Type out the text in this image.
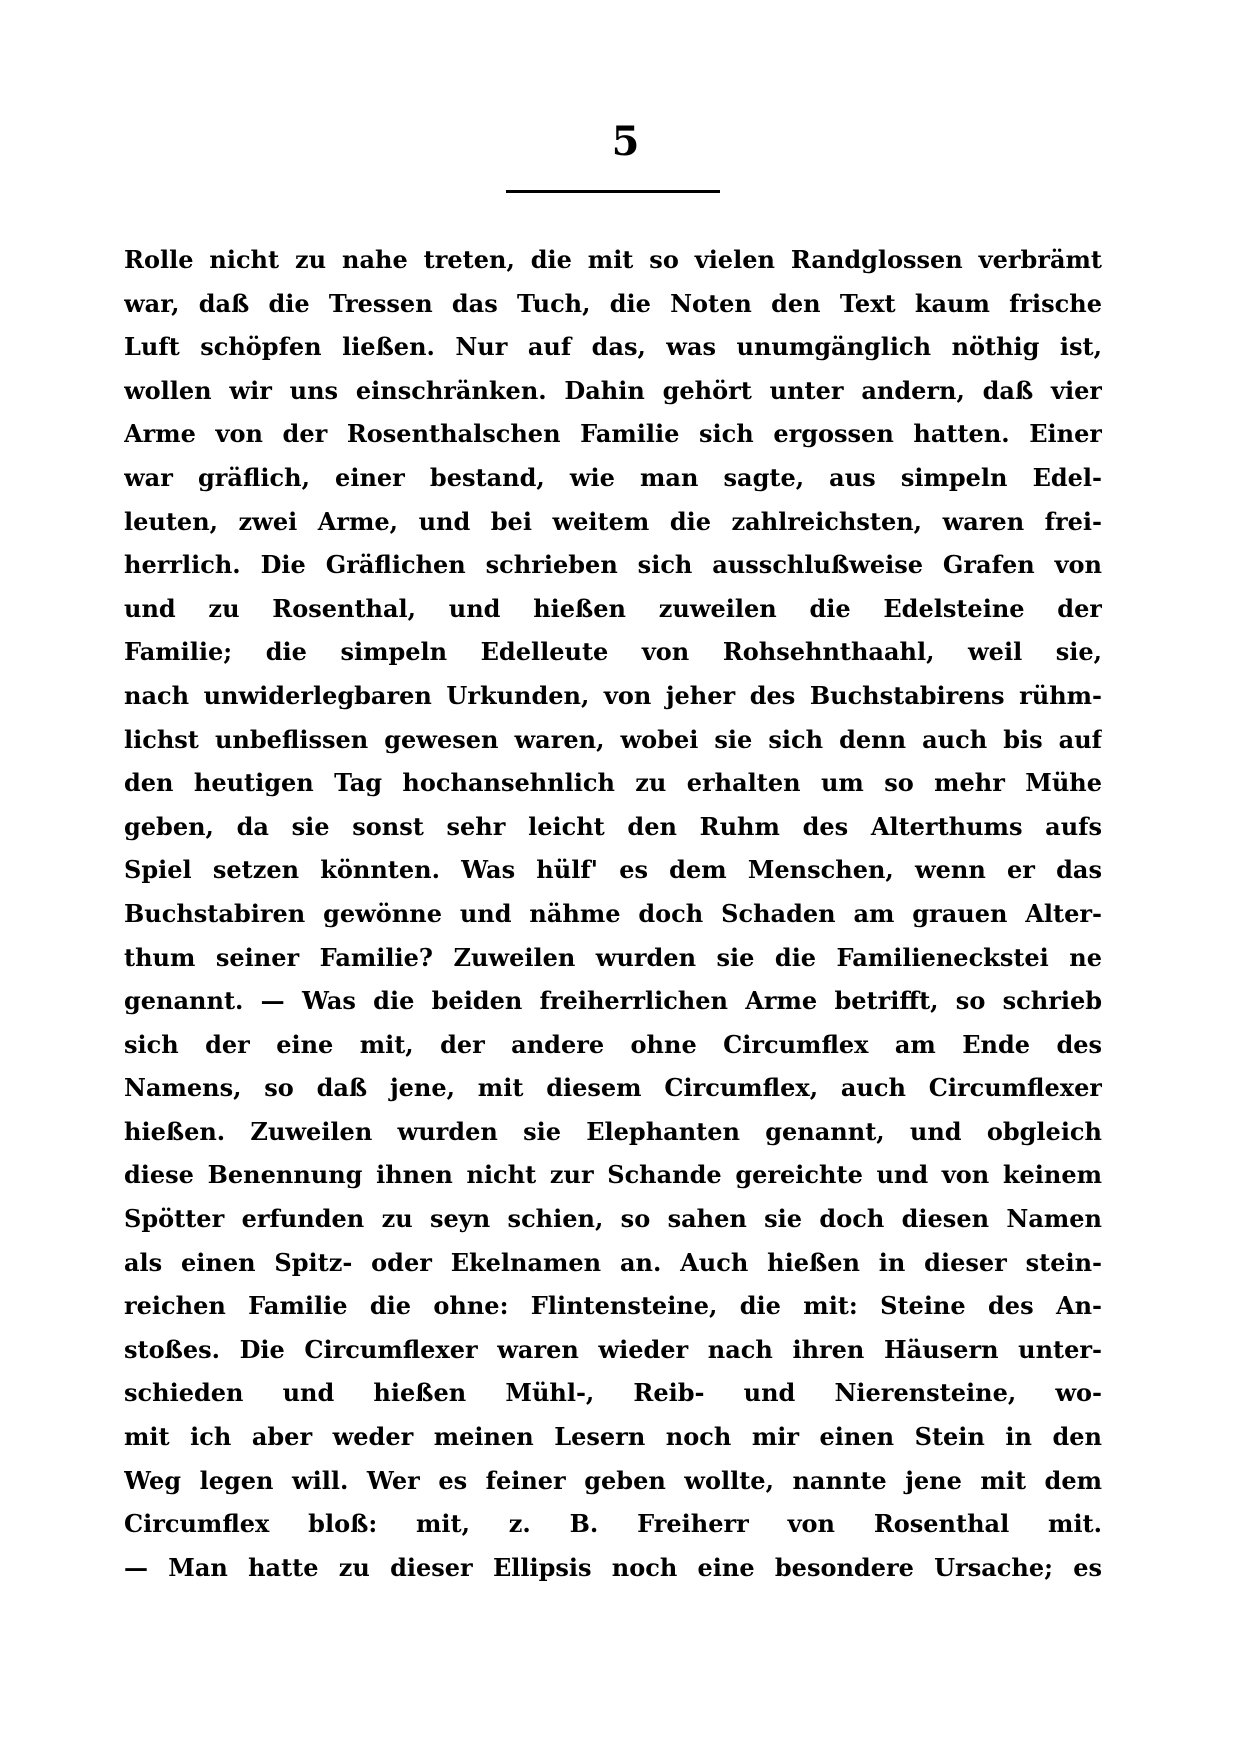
5
Rolle nicht zu nahe treten, die mit so vielen Randglossen verbrämt
war, daß die Tressen das Tuch, die Noten den Text kaum frische
Luft schöpfen ließen. Nur auf das, was unumgänglich nöthig ist,
wollen wir uns einschränken. Dahin gehört unter andern, daß vier
Arme von der Rosenthalschen Familie sich ergossen hatten. Einer
war gräflich, einer bestand, wie man sagte, aus simpeln Edel-
leuten, zwei Arme, und bei weitem die zahlreichsten, waren frei-
herrlich. Die Gräflichen schrieben sich ausschlußweise Grafen von
und zu Rosenthal, und hießen zuweilen die Edelsteine der
Familie; die simpeln Edelleute von Rohsehnthaahl, weil sie,
nach unwiderlegbaren Urkunden, von jeher des Buchstabirens rühm-
lichst unbeflissen gewesen waren, wobei sie sich denn auch bis auf
den heutigen Tag hochansehnlich zu erhalten um so mehr Mühe
geben, da sie sonst sehr leicht den Ruhm des Alterthums aufs
Spiel setzen könnten. Was hülf' es dem Menschen, wenn er das
Buchstabiren gewönne und nähme doch Schaden am grauen Alter-
thum seiner Familie? Zuweilen wurden sie die Familieneckstei ne
genannt. — Was die beiden freiherrlichen Arme betrifft, so schrieb
sich der eine mit, der andere ohne Circumflex am Ende des
Namens, so daß jene, mit diesem Circumflex, auch Circumflexer
hießen. Zuweilen wurden sie Elephanten genannt, und obgleich
diese Benennung ihnen nicht zur Schande gereichte und von keinem
Spötter erfunden zu seyn schien, so sahen sie doch diesen Namen
als einen Spitz- oder Ekelnamen an. Auch hießen in dieser stein-
reichen Familie die ohne: Flintensteine, die mit: Steine des An-
stoßes. Die Circumflexer waren wieder nach ihren Häusern unter-
schieden und hießen Mühl-, Reib- und Nierensteine, wo-
mit ich aber weder meinen Lesern noch mir einen Stein in den
Weg legen will. Wer es feiner geben wollte, nannte jene mit dem
Circumflex bloß: mit, z. B. Freiherr von Rosenthal mit.
— Man hatte zu dieser Ellipsis noch eine besondere Ursache; es
